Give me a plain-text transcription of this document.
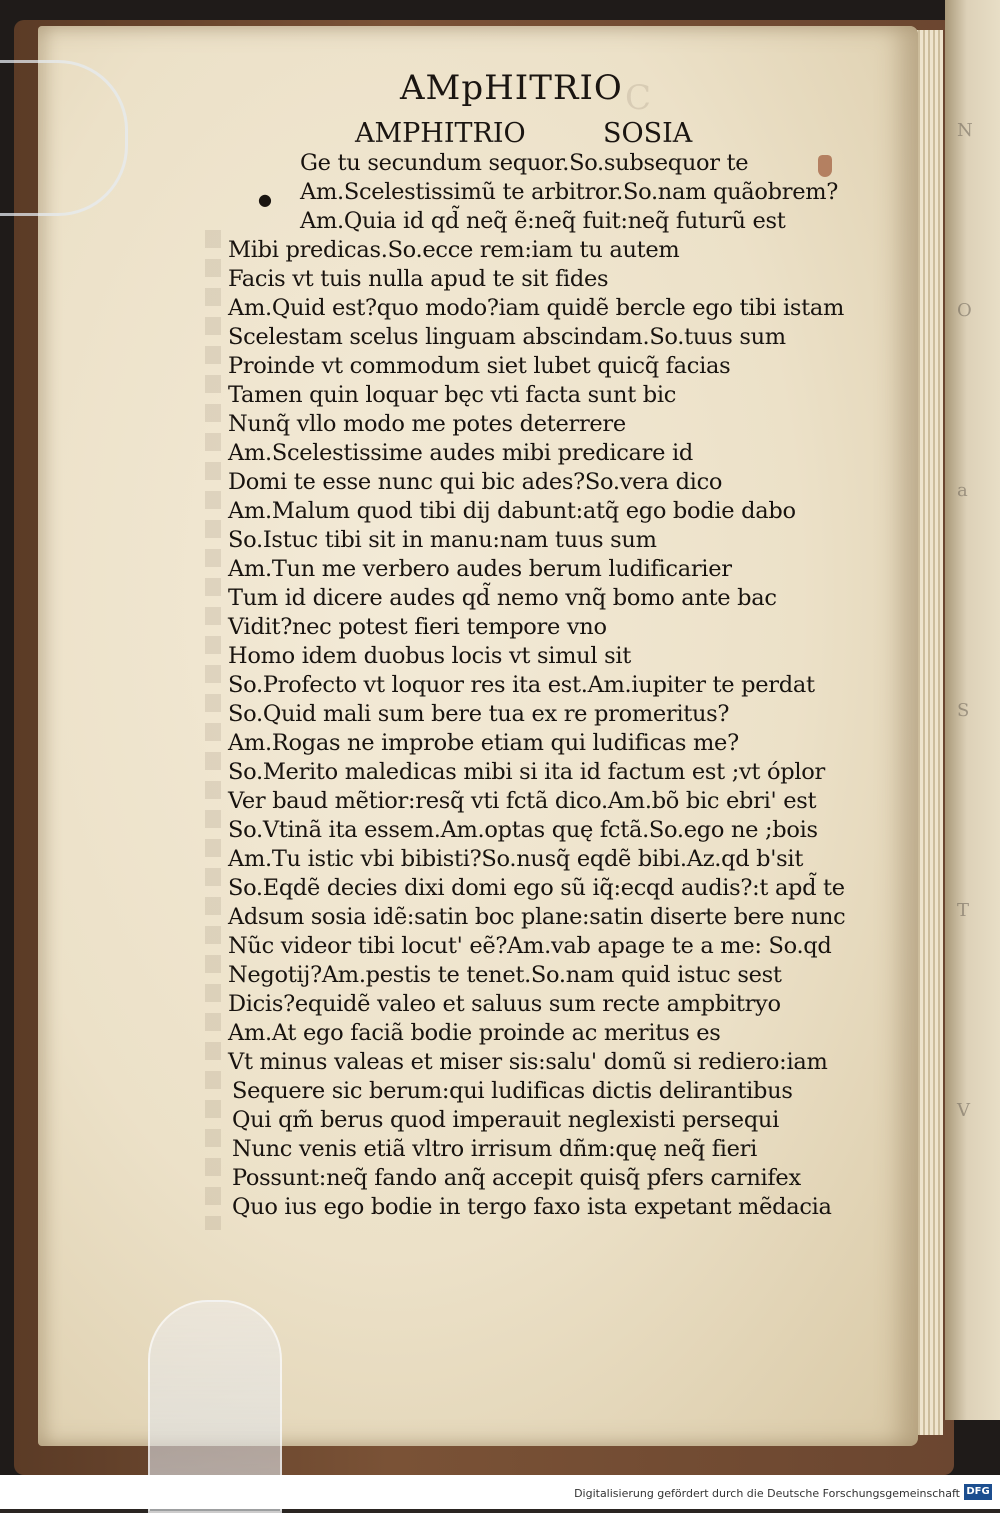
N
O
a
S
T
V
C
AMpHITRIO
AMPHITRIO	SOSIA
●
Ge tu secundum sequor.So.subsequor te
Am.Scelestissimũ te arbitror.So.nam quãobrem?
Am.Quia id qd̃ neq̃ ẽ:neq̃ fuit:neq̃ futurũ est
Mibi predicas.So.ecce rem:iam tu autem
Facis vt tuis nulla apud te sit fides
Am.Quid est?quo modo?iam quidẽ bercle ego tibi istam
Scelestam scelus linguam abscindam.So.tuus sum
Proinde vt commodum siet lubet quicq̃ facias
Tamen quin loquar bęc vti facta sunt bic
Nunq̃ vllo modo me potes deterrere
Am.Scelestissime audes mibi predicare id
Domi te esse nunc qui bic ades?So.vera dico
Am.Malum quod tibi dij dabunt:atq̃ ego bodie dabo
So.Istuc tibi sit in manu:nam tuus sum
Am.Tun me verbero audes berum ludificarier
Tum id dicere audes qd̃ nemo vnq̃ bomo ante bac
Vidit?nec potest fieri tempore vno
Homo idem duobus locis vt simul sit
So.Profecto vt loquor res ita est.Am.iupiter te perdat
So.Quid mali sum bere tua ex re promeritus?
Am.Rogas ne improbe etiam qui ludificas me?
So.Merito maledicas mibi si ita id factum est ;vt óplor
Ver baud mẽtior:resq̃ vti fctã dico.Am.bõ bic ebri' est
So.Vtinã ita essem.Am.optas quę fctã.So.ego ne ;bois
Am.Tu istic vbi bibisti?So.nusq̃ eqdẽ bibi.Az.qd b'sit
So.Eqdẽ decies dixi domi ego sũ iq̃:ecqd audis?:t apd̃ te
Adsum sosia idẽ:satin boc plane:satin diserte bere nunc
Nũc videor tibi locut' eẽ?Am.vab apage te a me: So.qd
Negotij?Am.pestis te tenet.So.nam quid istuc sest
Dicis?equidẽ valeo et saluus sum recte ampbitryo
Am.At ego faciã bodie proinde ac meritus es
Vt minus valeas et miser sis:salu' domũ si rediero:iam
Sequere sic berum:qui ludificas dictis delirantibus
Qui qm̃ berus quod imperauit neglexisti persequi
Nunc venis etiã vltro irrisum dñm:quę neq̃ fieri
Possunt:neq̃ fando anq̃ accepit quisq̃ pfers carnifex
Quo ius ego bodie in tergo faxo ista expetant mẽdacia
Digitalisierung gefördert durch die Deutsche Forschungsgemeinschaft DFG
